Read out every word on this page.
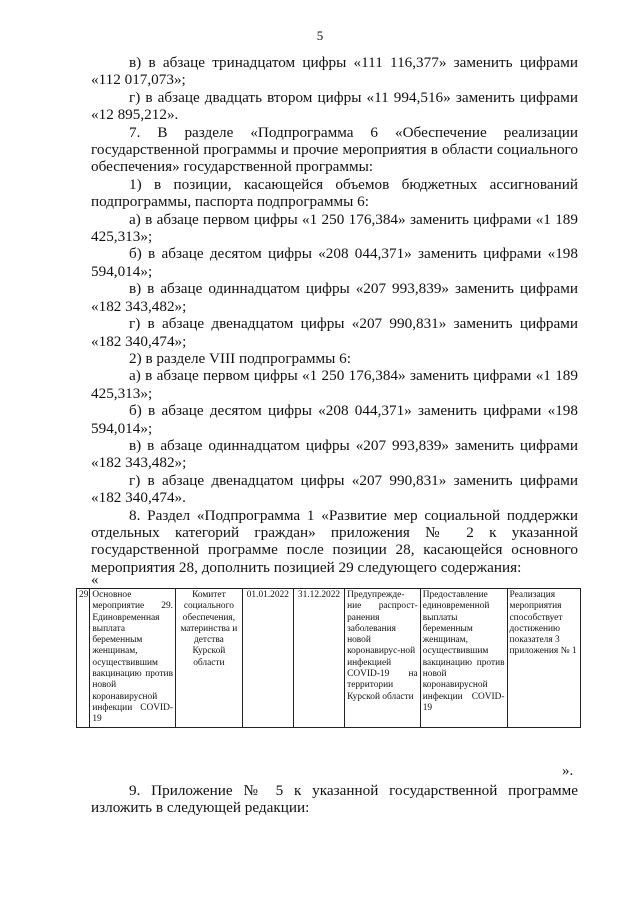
5

в) в абзаце тринадцатом цифры «111 116,377» заменить цифрами «112 017,073»;

г) в абзаце двадцать втором цифры «11 994,516» заменить цифрами «12 895,212».

7. В разделе «Подпрограмма 6 «Обеспечение реализации государственной программы и прочие мероприятия в области социального обеспечения» государственной программы:

1) в позиции, касающейся объемов бюджетных ассигнований подпрограммы, паспорта подпрограммы 6:

а) в абзаце первом цифры «1 250 176,384» заменить цифрами «1 189 425,313»;

б) в абзаце десятом цифры «208 044,371» заменить цифрами «198 594,014»;

в) в абзаце одиннадцатом цифры «207 993,839» заменить цифрами «182 343,482»;

г) в абзаце двенадцатом цифры «207 990,831» заменить цифрами «182 340,474»;

2) в разделе VIII подпрограммы 6:

а) в абзаце первом цифры «1 250 176,384» заменить цифрами «1 189 425,313»;

б) в абзаце десятом цифры «208 044,371» заменить цифрами «198 594,014»;

в) в абзаце одиннадцатом цифры «207 993,839» заменить цифрами «182 343,482»;

г) в абзаце двенадцатом цифры «207 990,831» заменить цифрами «182 340,474».

8. Раздел «Подпрограмма 1 «Развитие мер социальной поддержки отдельных категорий граждан» приложения № 2 к указанной государственной программе после позиции 28, касающейся основного мероприятия 28, дополнить позицией 29 следующего содержания:

«
29.	Основное мероприятие 29. Единовременная выплата беременным женщинам, осуществившим вакцинацию против новой коронавирусной инфекции COVID-19	Комитет социального обеспечения, материнства и детства Курской области	01.01.2022	31.12.2022	Предупрежде-ние распрост-ранения заболевания новой коронавирус-ной инфекцией COVID-19 на территории Курской области	Предоставление единовременной выплаты беременным женщинам, осуществившим вакцинацию против новой коронавирусной инфекции COVID-19	Реализация мероприятия способствует достижению показателя 3 приложения № 1
».

9. Приложение № 5 к указанной государственной программе изложить в следующей редакции:
